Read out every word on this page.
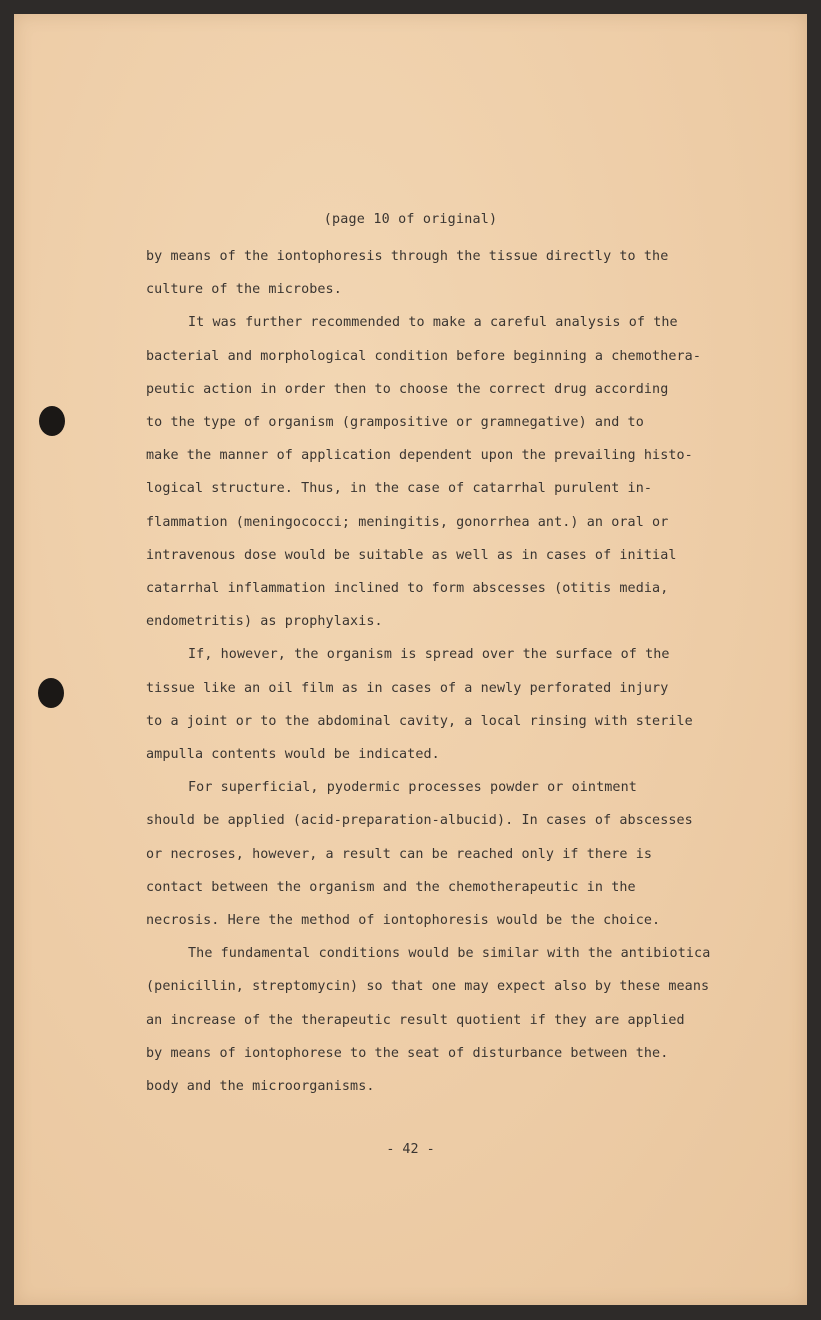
(page 10 of original)
by means of the iontophoresis through the tissue directly to the
culture of the microbes.
It was further recommended to make a careful analysis of the
bacterial and morphological condition before beginning a chemothera-
peutic action in order then to choose the correct drug according
to the type of organism (grampositive or gramnegative) and to
make the manner of application dependent upon the prevailing histo-
logical structure. Thus, in the case of catarrhal purulent in-
flammation (meningococci; meningitis, gonorrhea ant.) an oral or
intravenous dose would be suitable as well as in cases of initial
catarrhal inflammation inclined to form abscesses (otitis media,
endometritis) as prophylaxis.
If, however, the organism is spread over the surface of the
tissue like an oil film as in cases of a newly perforated injury
to a joint or to the abdominal cavity, a local rinsing with sterile
ampulla contents would be indicated.
For superficial, pyodermic processes powder or ointment
should be applied (acid-preparation-albucid). In cases of abscesses
or necroses, however, a result can be reached only if there is
contact between the organism and the chemotherapeutic in the
necrosis. Here the method of iontophoresis would be the choice.
The fundamental conditions would be similar with the antibiotica
(penicillin, streptomycin) so that one may expect also by these means
an increase of the therapeutic result quotient if they are applied
by means of iontophorese to the seat of disturbance between the.
body and the microorganisms.
- 42 -
